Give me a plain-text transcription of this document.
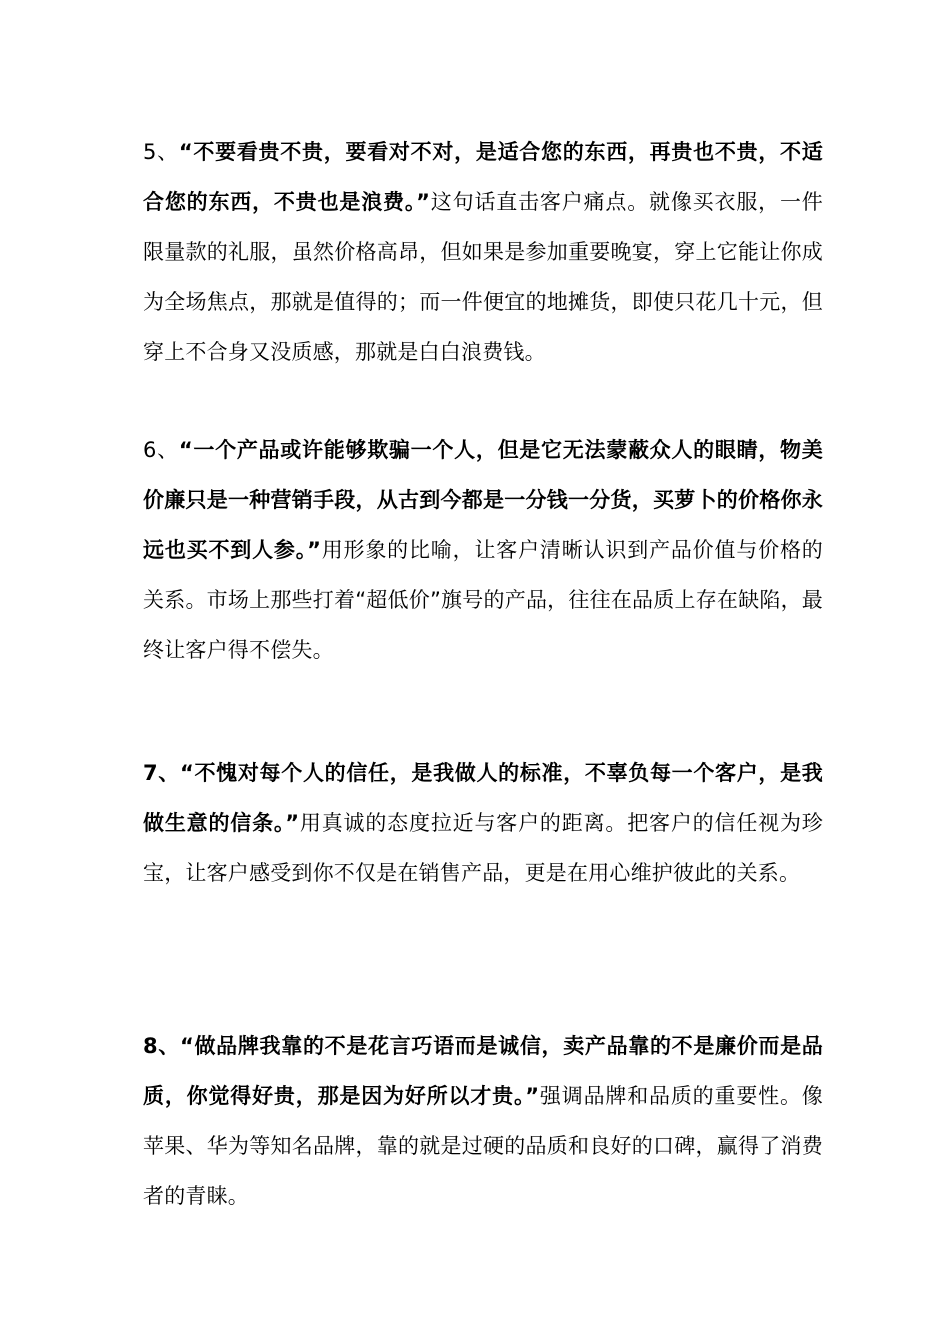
5、“不要看贵不贵，要看对不对，是适合您的东西，再贵也不贵，不适合您的东西，不贵也是浪费。”这句话直击客户痛点。就像买衣服，一件限量款的礼服，虽然价格高昂，但如果是参加重要晚宴，穿上它能让你成为全场焦点，那就是值得的；而一件便宜的地摊货，即使只花几十元，但穿上不合身又没质感，那就是白白浪费钱。

6、“一个产品或许能够欺骗一个人，但是它无法蒙蔽众人的眼睛，物美价廉只是一种营销手段，从古到今都是一分钱一分货，买萝卜的价格你永远也买不到人参。”用形象的比喻，让客户清晰认识到产品价值与价格的关系。市场上那些打着“超低价”旗号的产品，往往在品质上存在缺陷，最终让客户得不偿失。

7、“不愧对每个人的信任，是我做人的标准，不辜负每一个客户，是我做生意的信条。”用真诚的态度拉近与客户的距离。把客户的信任视为珍宝，让客户感受到你不仅是在销售产品，更是在用心维护彼此的关系。

8、“做品牌我靠的不是花言巧语而是诚信，卖产品靠的不是廉价而是品质，你觉得好贵，那是因为好所以才贵。”强调品牌和品质的重要性。像苹果、华为等知名品牌，靠的就是过硬的品质和良好的口碑，赢得了消费者的青睐。
